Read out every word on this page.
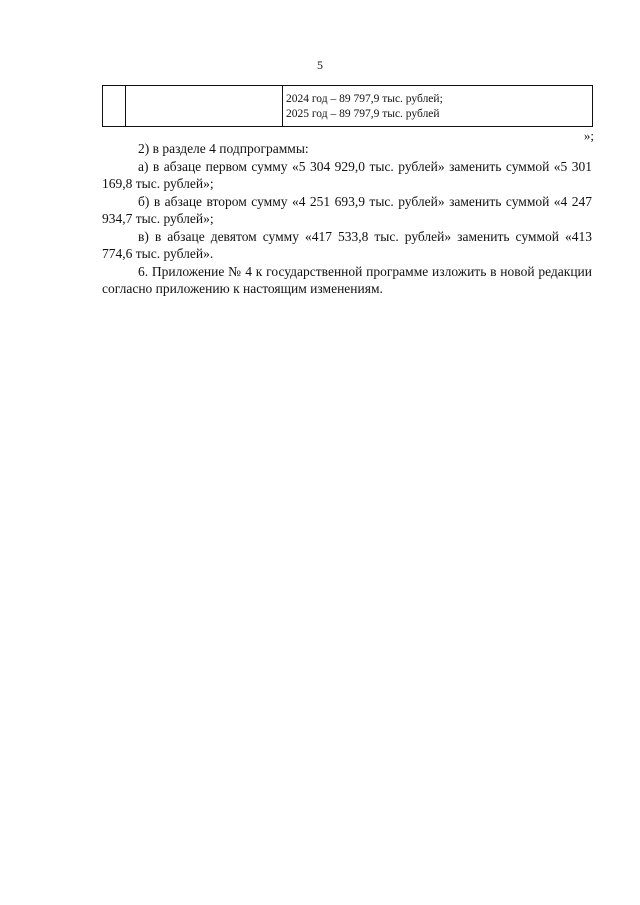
5

2024 год – 89 797,9 тыс. рублей;
2025 год – 89 797,9 тыс. рублей
»;

2) в разделе 4 подпрограммы:

а) в абзаце первом сумму «5 304 929,0 тыс. рублей» заменить суммой «5 301 169,8 тыс. рублей»;

б) в абзаце втором сумму «4 251 693,9 тыс. рублей» заменить суммой «4 247 934,7 тыс. рублей»;

в) в абзаце девятом сумму «417 533,8 тыс. рублей» заменить суммой «413 774,6 тыс. рублей».

6. Приложение № 4 к государственной программе изложить в новой редакции согласно приложению к настоящим изменениям.
